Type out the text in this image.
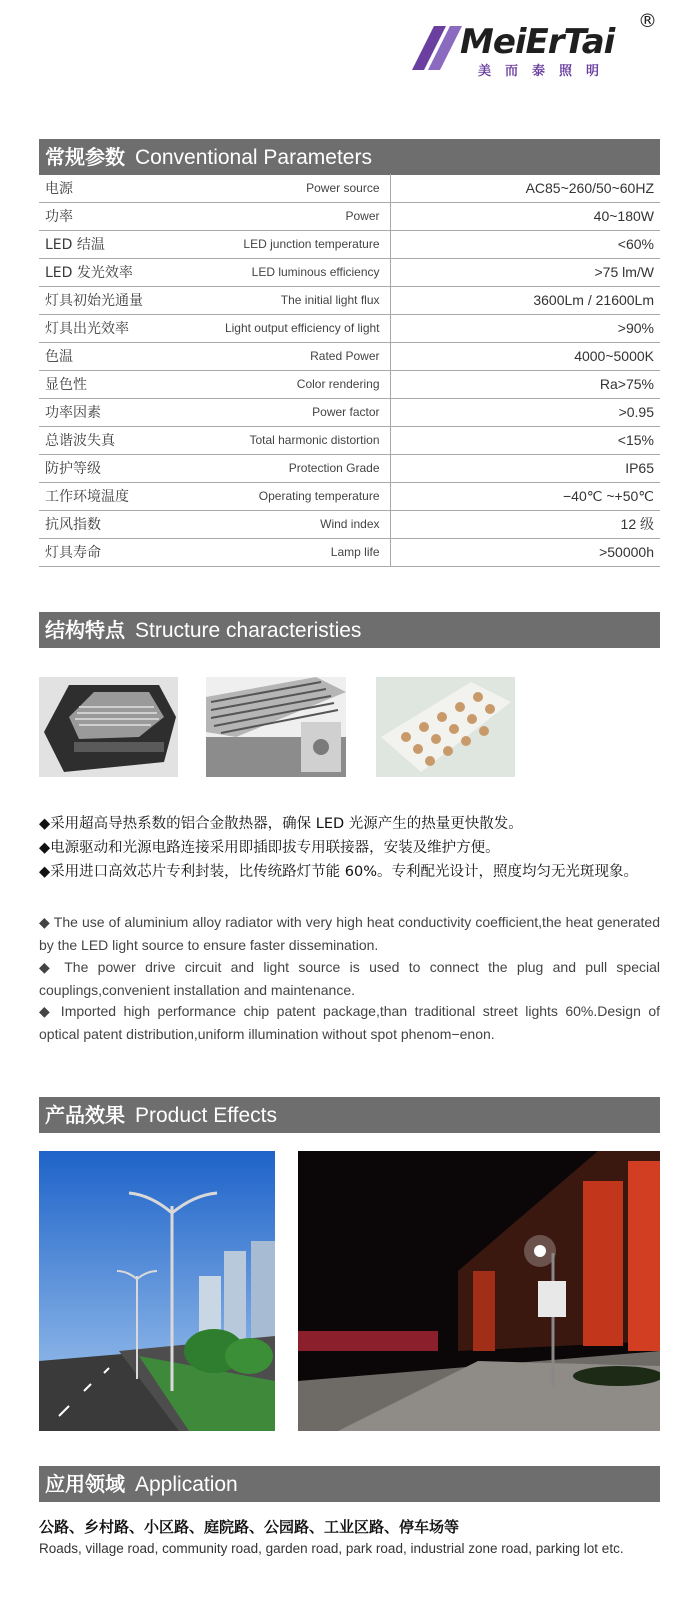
MeiErTai
美而泰照明
®
常规参数 Conventional Parameters
电源	Power source	AC85~260/50~60HZ
功率	Power	40~180W
LED 结温	LED junction temperature	<60%
LED 发光效率	LED luminous efficiency	>75 lm/W
灯具初始光通量	The initial light flux	3600Lm / 21600Lm
灯具出光效率	Light output efficiency of light	>90%
色温	Rated Power	4000~5000K
显色性	Color rendering	Ra>75%
功率因素	Power factor	>0.95
总谐波失真	Total harmonic distortion	<15%
防护等级	Protection Grade	IP65
工作环境温度	Operating temperature	−40℃ ~+50℃
抗风指数	Wind index	12 级
灯具寿命	Lamp life	>50000h
结构特点 Structure characteristies
◆采用超高导热系数的铝合金散热器，确保 LED 光源产生的热量更快散发。
◆电源驱动和光源电路连接采用即插即拔专用联接器，安装及维护方便。
◆采用进口高效芯片专利封装，比传统路灯节能 60%。专利配光设计，照度均匀无光斑现象。
◆ The use of aluminium alloy radiator with very high heat conductivity coefficient,the heat generated by the LED light source to ensure faster dissemination.
◆ The power drive circuit and light source is used to connect the plug and pull special couplings,convenient installation and maintenance.
◆ Imported high performance chip patent package,than traditional street lights 60%.Design of optical patent distribution,uniform illumination without spot phenom−enon.
产品效果 Product Effects
应用领域 Application
公路、乡村路、小区路、庭院路、公园路、工业区路、停车场等
Roads, village road, community road, garden road, park road, industrial zone road, parking lot etc.
